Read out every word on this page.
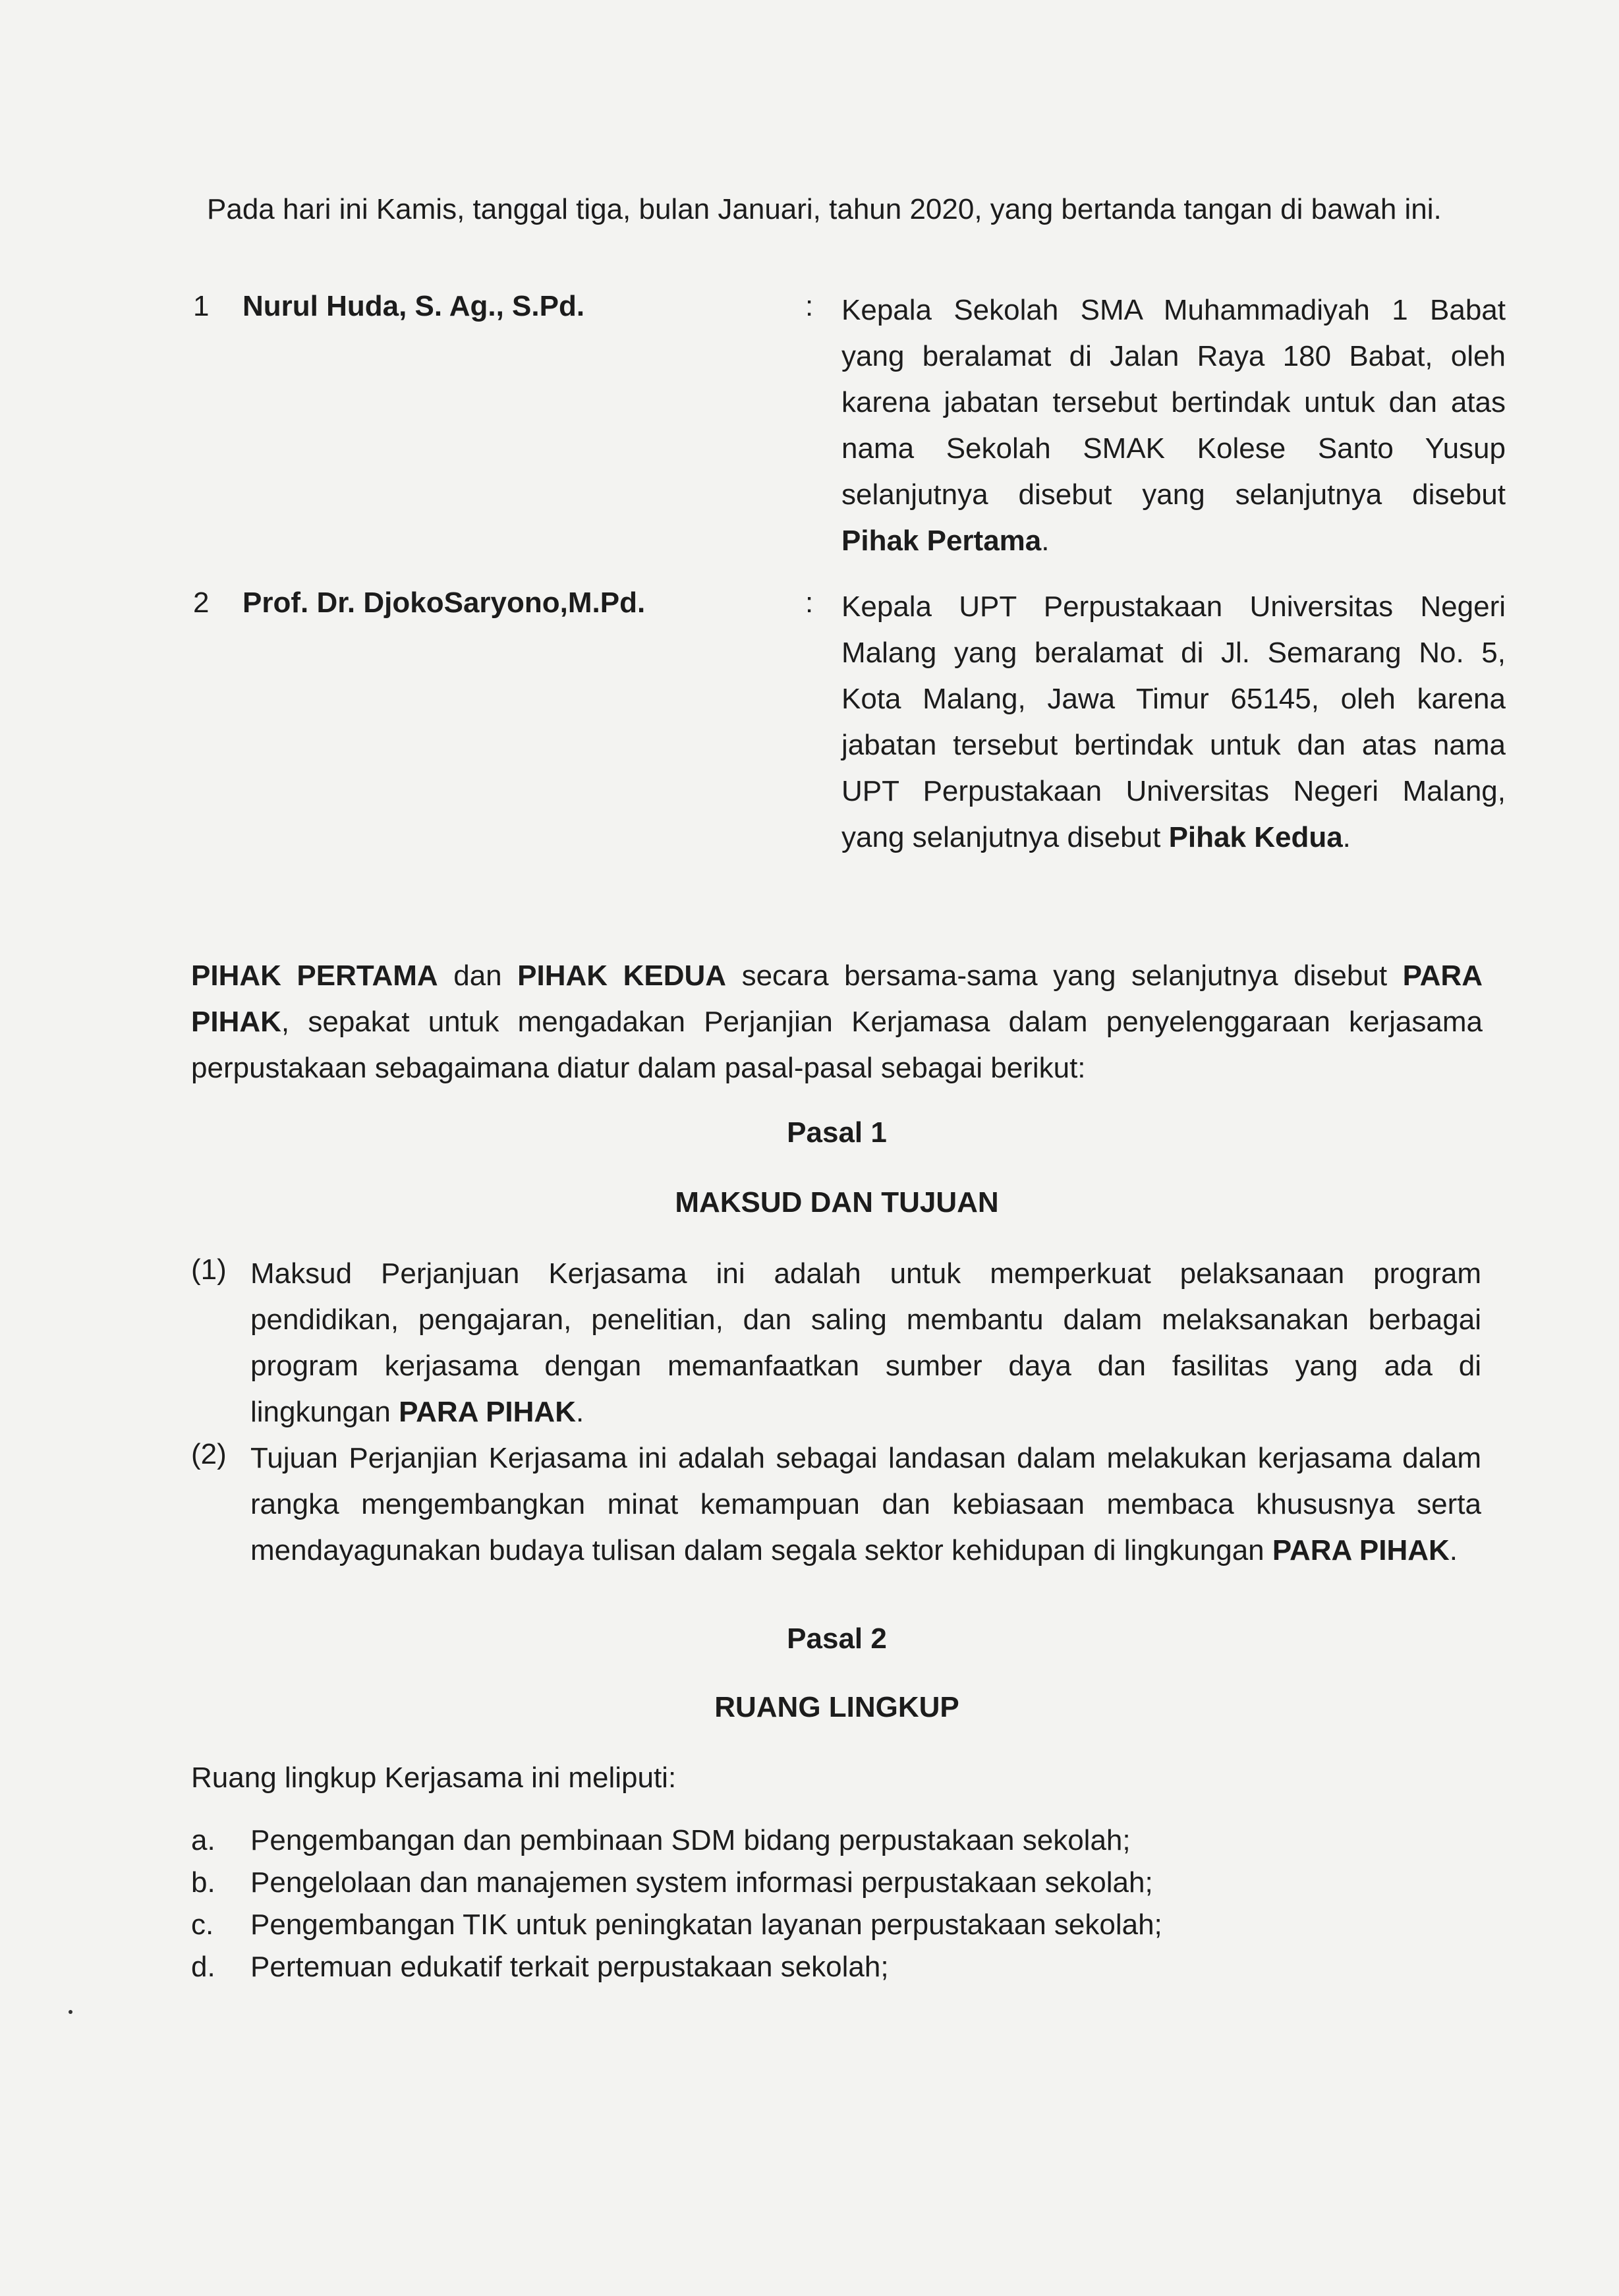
Pada hari ini Kamis, tanggal tiga, bulan Januari, tahun 2020, yang bertanda tangan di bawah ini.
1 Nurul Huda, S. Ag., S.Pd.	: Kepala Sekolah SMA Muhammadiyah 1 Babat
yang beralamat di Jalan Raya 180 Babat, oleh
karena jabatan tersebut bertindak untuk dan atas
nama Sekolah SMAK Kolese Santo Yusup
selanjutnya disebut yang selanjutnya disebut
Pihak Pertama.
2 Prof. Dr. DjokoSaryono,M.Pd.	: Kepala UPT Perpustakaan Universitas Negeri
Malang yang beralamat di Jl. Semarang No. 5,
Kota Malang, Jawa Timur 65145, oleh karena
jabatan tersebut bertindak untuk dan atas nama
UPT Perpustakaan Universitas Negeri Malang,
yang selanjutnya disebut Pihak Kedua.
PIHAK PERTAMA dan PIHAK KEDUA secara bersama-sama yang selanjutnya disebut PARA
PIHAK, sepakat untuk mengadakan Perjanjian Kerjamasa dalam penyelenggaraan kerjasama
perpustakaan sebagaimana diatur dalam pasal-pasal sebagai berikut:
Pasal 1
MAKSUD DAN TUJUAN
(1) Maksud Perjanjuan Kerjasama ini adalah untuk memperkuat pelaksanaan program
pendidikan, pengajaran, penelitian, dan saling membantu dalam melaksanakan berbagai
program kerjasama dengan memanfaatkan sumber daya dan fasilitas yang ada di
lingkungan PARA PIHAK.
(2) Tujuan Perjanjian Kerjasama ini adalah sebagai landasan dalam melakukan kerjasama dalam
rangka mengembangkan minat kemampuan dan kebiasaan membaca khususnya serta
mendayagunakan budaya tulisan dalam segala sektor kehidupan di lingkungan PARA PIHAK.
Pasal 2
RUANG LINGKUP
Ruang lingkup Kerjasama ini meliputi:
a. Pengembangan dan pembinaan SDM bidang perpustakaan sekolah;
b. Pengelolaan dan manajemen system informasi perpustakaan sekolah;
c. Pengembangan TIK untuk peningkatan layanan perpustakaan sekolah;
d. Pertemuan edukatif terkait perpustakaan sekolah;
